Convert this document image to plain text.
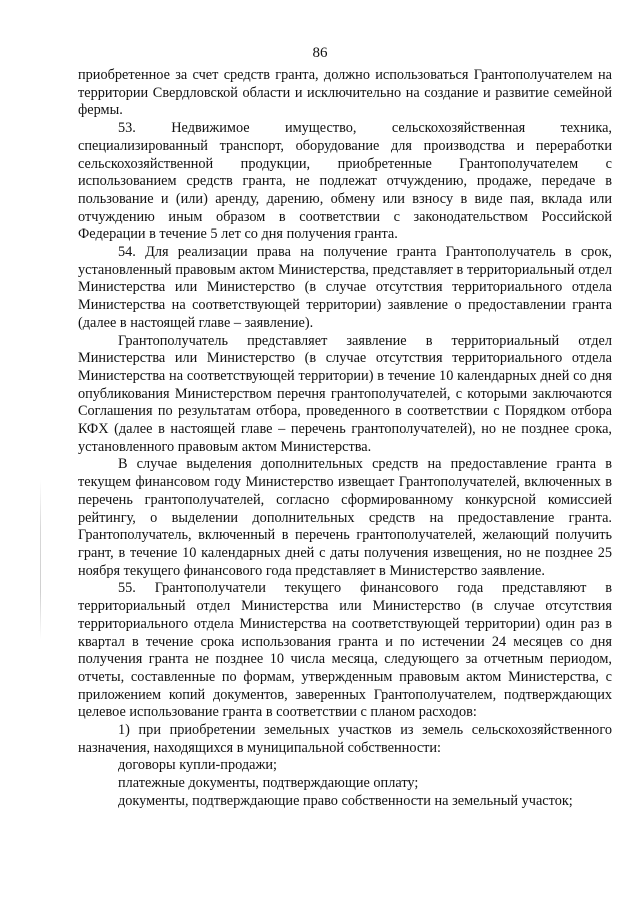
86

приобретенное за счет средств гранта, должно использоваться Грантополучателем на территории Свердловской области и исключительно на создание и развитие семейной фермы.

53. Недвижимое имущество, сельскохозяйственная техника, специализированный транспорт, оборудование для производства и переработки сельскохозяйственной продукции, приобретенные Грантополучателем с использованием средств гранта, не подлежат отчуждению, продаже, передаче в пользование и (или) аренду, дарению, обмену или взносу в виде пая, вклада или отчуждению иным образом в соответствии с законодательством Российской Федерации в течение 5 лет со дня получения гранта.

54. Для реализации права на получение гранта Грантополучатель в срок, установленный правовым актом Министерства, представляет в территориальный отдел Министерства или Министерство (в случае отсутствия территориального отдела Министерства на соответствующей территории) заявление о предоставлении гранта (далее в настоящей главе – заявление).

Грантополучатель представляет заявление в территориальный отдел Министерства или Министерство (в случае отсутствия территориального отдела Министерства на соответствующей территории) в течение 10 календарных дней со дня опубликования Министерством перечня грантополучателей, с которыми заключаются Соглашения по результатам отбора, проведенного в соответствии с Порядком отбора КФХ (далее в настоящей главе – перечень грантополучателей), но не позднее срока, установленного правовым актом Министерства.

В случае выделения дополнительных средств на предоставление гранта в текущем финансовом году Министерство извещает Грантополучателей, включенных в перечень грантополучателей, согласно сформированному конкурсной комиссией рейтингу, о выделении дополнительных средств на предоставление гранта. Грантополучатель, включенный в перечень грантополучателей, желающий получить грант, в течение 10 календарных дней с даты получения извещения, но не позднее 25 ноября текущего финансового года представляет в Министерство заявление.

55. Грантополучатели текущего финансового года представляют в территориальный отдел Министерства или Министерство (в случае отсутствия территориального отдела Министерства на соответствующей территории) один раз в квартал в течение срока использования гранта и по истечении 24 месяцев со дня получения гранта не позднее 10 числа месяца, следующего за отчетным периодом, отчеты, составленные по формам, утвержденным правовым актом Министерства, с приложением копий документов, заверенных Грантополучателем, подтверждающих целевое использование гранта в соответствии с планом расходов:

1) при приобретении земельных участков из земель сельскохозяйственного назначения, находящихся в муниципальной собственности:

договоры купли-продажи;

платежные документы, подтверждающие оплату;

документы, подтверждающие право собственности на земельный участок;
